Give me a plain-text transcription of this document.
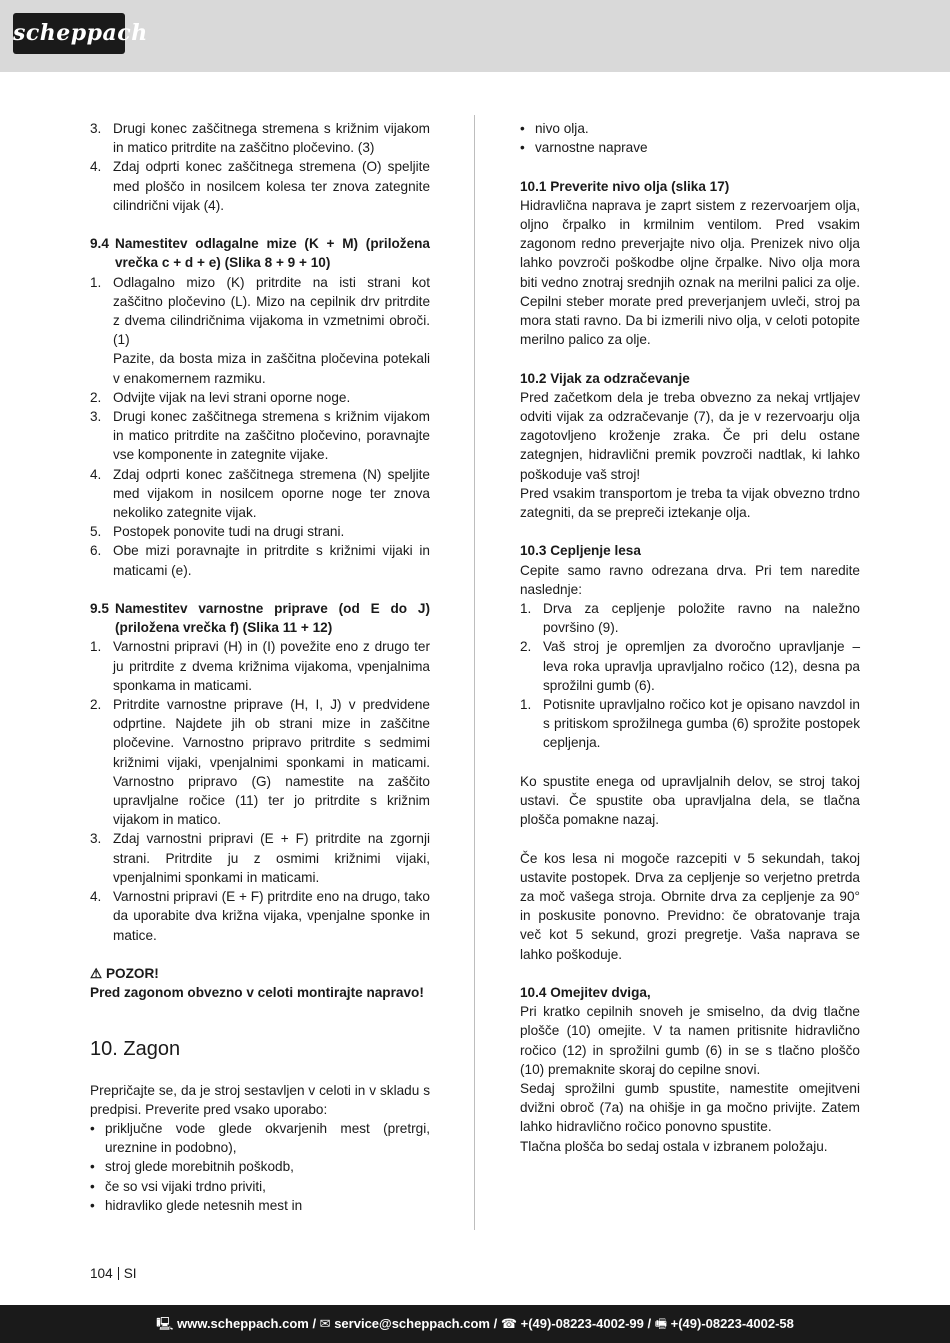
scheppach
3. Drugi konec zaščitnega stremena s križnim vijakom in matico pritrdite na zaščitno pločevino. (3)
4. Zdaj odprti konec zaščitnega stremena (O) speljite med ploščo in nosilcem kolesa ter znova zategnite cilindrični vijak (4).
9.4 Namestitev odlagalne mize (K + M) (priložena vrečka c + d + e) (Slika 8 + 9 + 10)
1. Odlagalno mizo (K) pritrdite na isti strani kot zaščitno pločevino (L). Mizo na cepilnik drv pritrdite z dvema cilindričnima vijakoma in vzmetnimi obroči. (1)

Pazite, da bosta miza in zaščitna pločevina potekali v enakomernem razmiku.

2. Odvijte vijak na levi strani oporne noge.
3. Drugi konec zaščitnega stremena s križnim vijakom in matico pritrdite na zaščitno pločevino, poravnajte vse komponente in zategnite vijake.
4. Zdaj odprti konec zaščitnega stremena (N) speljite med vijakom in nosilcem oporne noge ter znova nekoliko zategnite vijak.
5. Postopek ponovite tudi na drugi strani.
6. Obe mizi poravnajte in pritrdite s križnimi vijaki in maticami (e).
9.5 Namestitev varnostne priprave (od E do J) (priložena vrečka f) (Slika 11 + 12)
1. Varnostni pripravi (H) in (I) povežite eno z drugo ter ju pritrdite z dvema križnima vijakoma, vpenjalnima sponkama in maticami.
2. Pritrdite varnostne priprave (H, I, J) v predvidene odprtine. Najdete jih ob strani mize in zaščitne pločevine. Varnostno pripravo pritrdite s sedmimi križnimi vijaki, vpenjalnimi sponkami in maticami. Varnostno pripravo (G) namestite na zaščito upravljalne ročice (11) ter jo pritrdite s križnim vijakom in matico.
3. Zdaj varnostni pripravi (E + F) pritrdite na zgornji strani. Pritrdite ju z osmimi križnimi vijaki, vpenjalnimi sponkami in maticami.
4. Varnostni pripravi (E + F) pritrdite eno na drugo, tako da uporabite dva križna vijaka, vpenjalne sponke in matice.

⚠ POZOR!

Pred zagonom obvezno v celoti montirajte napravo!

10. Zagon

Prepričajte se, da je stroj sestavljen v celoti in v skladu s predpisi. Preverite pred vsako uporabo:

• priključne vode glede okvarjenih mest (pretrgi, ureznine in podobno),
• stroj glede morebitnih poškodb,
• če so vsi vijaki trdno priviti,
• hidravliko glede netesnih mest in
• nivo olja.
• varnostne naprave

10.1 Preverite nivo olja (slika 17)

Hidravlična naprava je zaprt sistem z rezervoarjem olja, oljno črpalko in krmilnim ventilom. Pred vsakim zagonom redno preverjajte nivo olja. Prenizek nivo olja lahko povzroči poškodbe oljne črpalke. Nivo olja mora biti vedno znotraj srednjih oznak na merilni palici za olje. Cepilni steber morate pred preverjanjem uvleči, stroj pa mora stati ravno. Da bi izmerili nivo olja, v celoti potopite merilno palico za olje.

10.2 Vijak za odzračevanje

Pred začetkom dela je treba obvezno za nekaj vrtljajev odviti vijak za odzračevanje (7), da je v rezervoarju olja zagotovljeno kroženje zraka. Če pri delu ostane zategnjen, hidravlični premik povzroči nadtlak, ki lahko poškoduje vaš stroj!

Pred vsakim transportom je treba ta vijak obvezno trdno zategniti, da se prepreči iztekanje olja.

10.3 Cepljenje lesa

Cepite samo ravno odrezana drva. Pri tem naredite naslednje:

1. Drva za cepljenje položite ravno na naležno površino (9).
2. Vaš stroj je opremljen za dvoročno upravljanje – leva roka upravlja upravljalno ročico (12), desna pa sprožilni gumb (6).
1. Potisnite upravljalno ročico kot je opisano navzdol in s pritiskom sprožilnega gumba (6) sprožite postopek cepljenja.

Ko spustite enega od upravljalnih delov, se stroj takoj ustavi. Če spustite oba upravljalna dela, se tlačna plošča pomakne nazaj.

Če kos lesa ni mogoče razcepiti v 5 sekundah, takoj ustavite postopek. Drva za cepljenje so verjetno pretrda za moč vašega stroja. Obrnite drva za cepljenje za 90° in poskusite ponovno. Previdno: če obratovanje traja več kot 5 sekund, grozi pregretje. Vaša naprava se lahko poškoduje.

10.4 Omejitev dviga,

Pri kratko cepilnih snoveh je smiselno, da dvig tlačne plošče (10) omejite. V ta namen pritisnite hidravlično ročico (12) in sprožilni gumb (6) in se s tlačno ploščo (10) premaknite skoraj do cepilne snovi.

Sedaj sprožilni gumb spustite, namestite omejitveni dvižni obroč (7a) na ohišje in ga močno privijte. Zatem lahko hidravlično ročico ponovno spustite.

Tlačna plošča bo sedaj ostala v izbranem položaju.

104 SI
🖳 www.scheppach.com / ✉ service@scheppach.com / ☎ +(49)-08223-4002-99 / 🖷 +(49)-08223-4002-58
